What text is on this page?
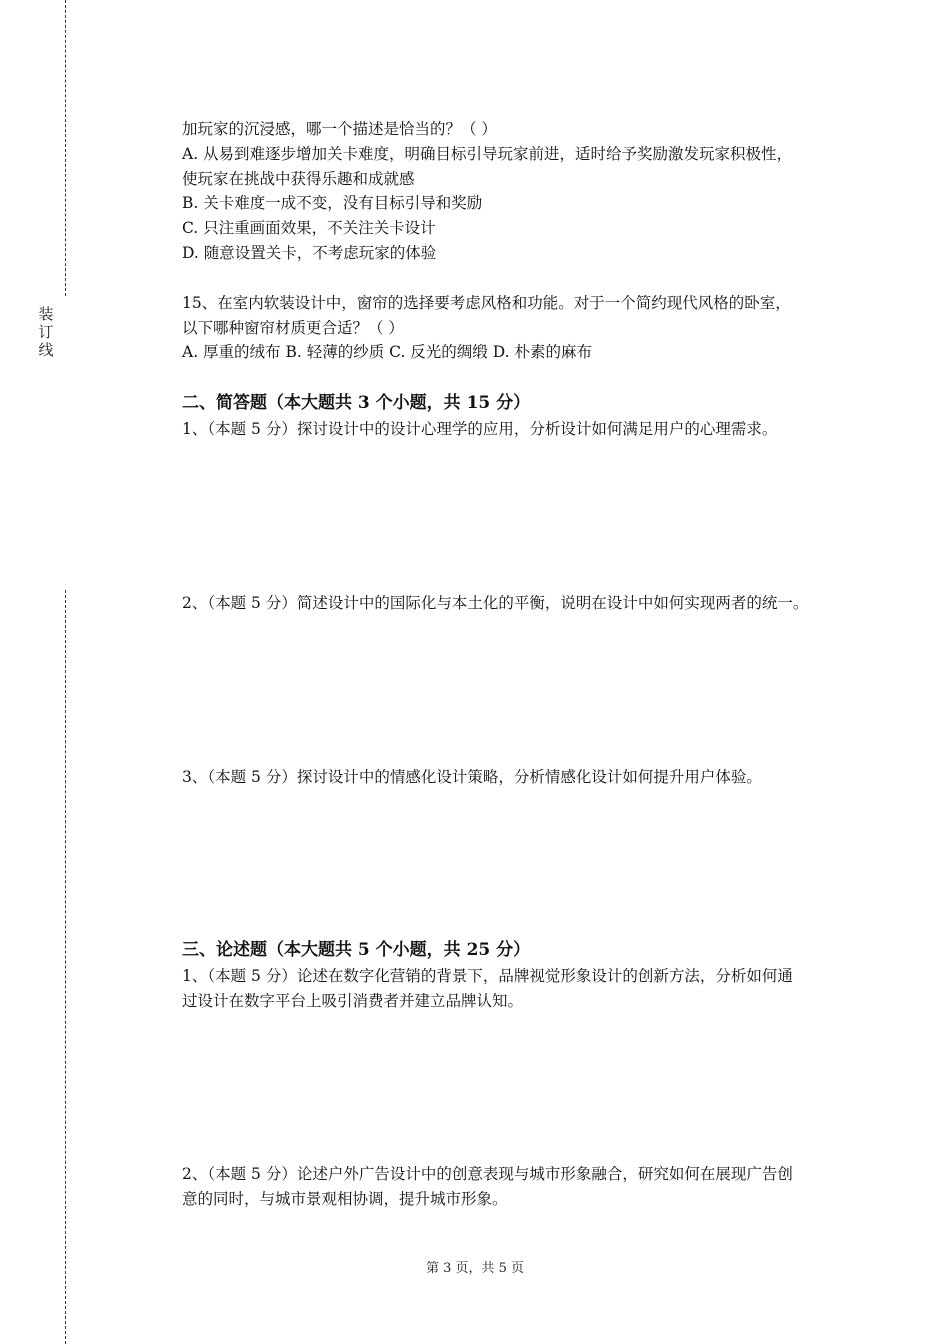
装
订
线
加玩家的沉浸感，哪一个描述是恰当的？（ ）
A. 从易到难逐步增加关卡难度，明确目标引导玩家前进，适时给予奖励激发玩家积极性，
使玩家在挑战中获得乐趣和成就感
B. 关卡难度一成不变，没有目标引导和奖励
C. 只注重画面效果，不关注关卡设计
D. 随意设置关卡，不考虑玩家的体验
15、在室内软装设计中，窗帘的选择要考虑风格和功能。对于一个简约现代风格的卧室，
以下哪种窗帘材质更合适？（ ）
A. 厚重的绒布 B. 轻薄的纱质 C. 反光的绸缎 D. 朴素的麻布
二、简答题（本大题共 3 个小题，共 15 分）
1、（本题 5 分）探讨设计中的设计心理学的应用，分析设计如何满足用户的心理需求。
2、（本题 5 分）简述设计中的国际化与本土化的平衡，说明在设计中如何实现两者的统一。
3、（本题 5 分）探讨设计中的情感化设计策略，分析情感化设计如何提升用户体验。
三、论述题（本大题共 5 个小题，共 25 分）
1、（本题 5 分）论述在数字化营销的背景下，品牌视觉形象设计的创新方法，分析如何通
过设计在数字平台上吸引消费者并建立品牌认知。
2、（本题 5 分）论述户外广告设计中的创意表现与城市形象融合，研究如何在展现广告创
意的同时，与城市景观相协调，提升城市形象。
第 3 页，共 5 页
